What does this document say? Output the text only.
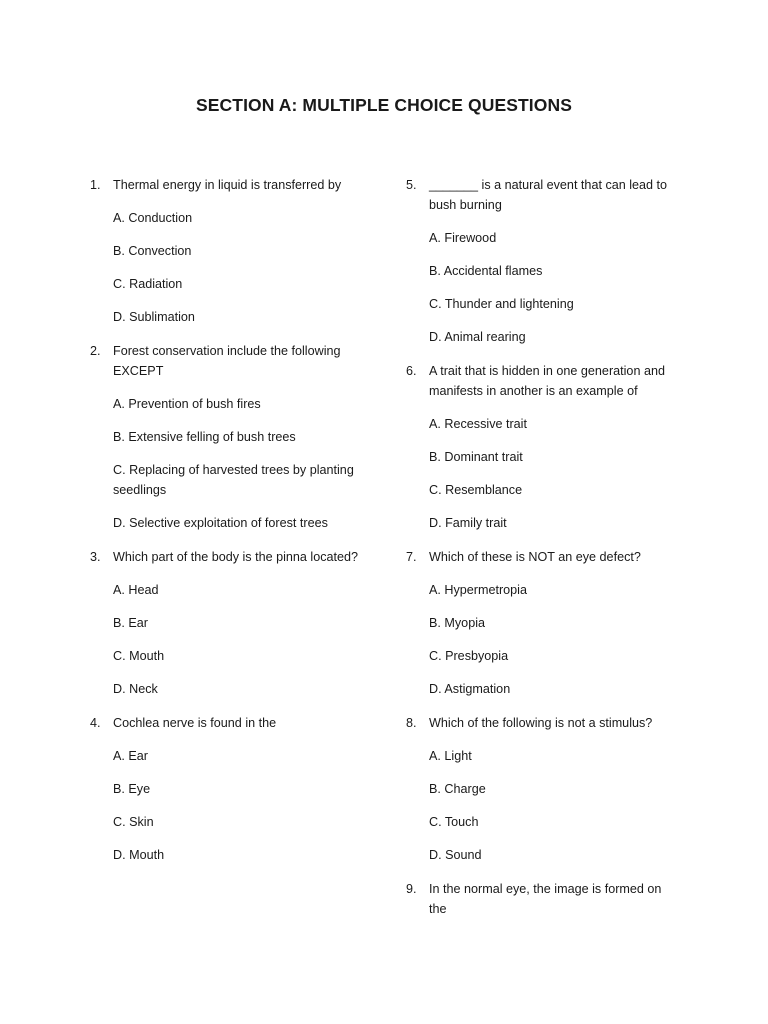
SECTION A: MULTIPLE CHOICE QUESTIONS
1. Thermal energy in liquid is transferred by
A. Conduction
B. Convection
C. Radiation
D. Sublimation
2. Forest conservation include the following EXCEPT
A. Prevention of bush fires
B. Extensive felling of bush trees
C. Replacing of harvested trees by planting seedlings
D. Selective exploitation of forest trees
3. Which part of the body is the pinna located?
A. Head
B. Ear
C. Mouth
D. Neck
4. Cochlea nerve is found in the
A. Ear
B. Eye
C. Skin
D. Mouth
5. _______ is a natural event that can lead to bush burning
A. Firewood
B. Accidental flames
C. Thunder and lightening
D. Animal rearing
6. A trait that is hidden in one generation and manifests in another is an example of
A. Recessive trait
B. Dominant trait
C. Resemblance
D. Family trait
7. Which of these is NOT an eye defect?
A. Hypermetropia
B. Myopia
C. Presbyopia
D. Astigmation
8. Which of the following is not a stimulus?
A. Light
B. Charge
C. Touch
D. Sound
9. In the normal eye, the image is formed on the
